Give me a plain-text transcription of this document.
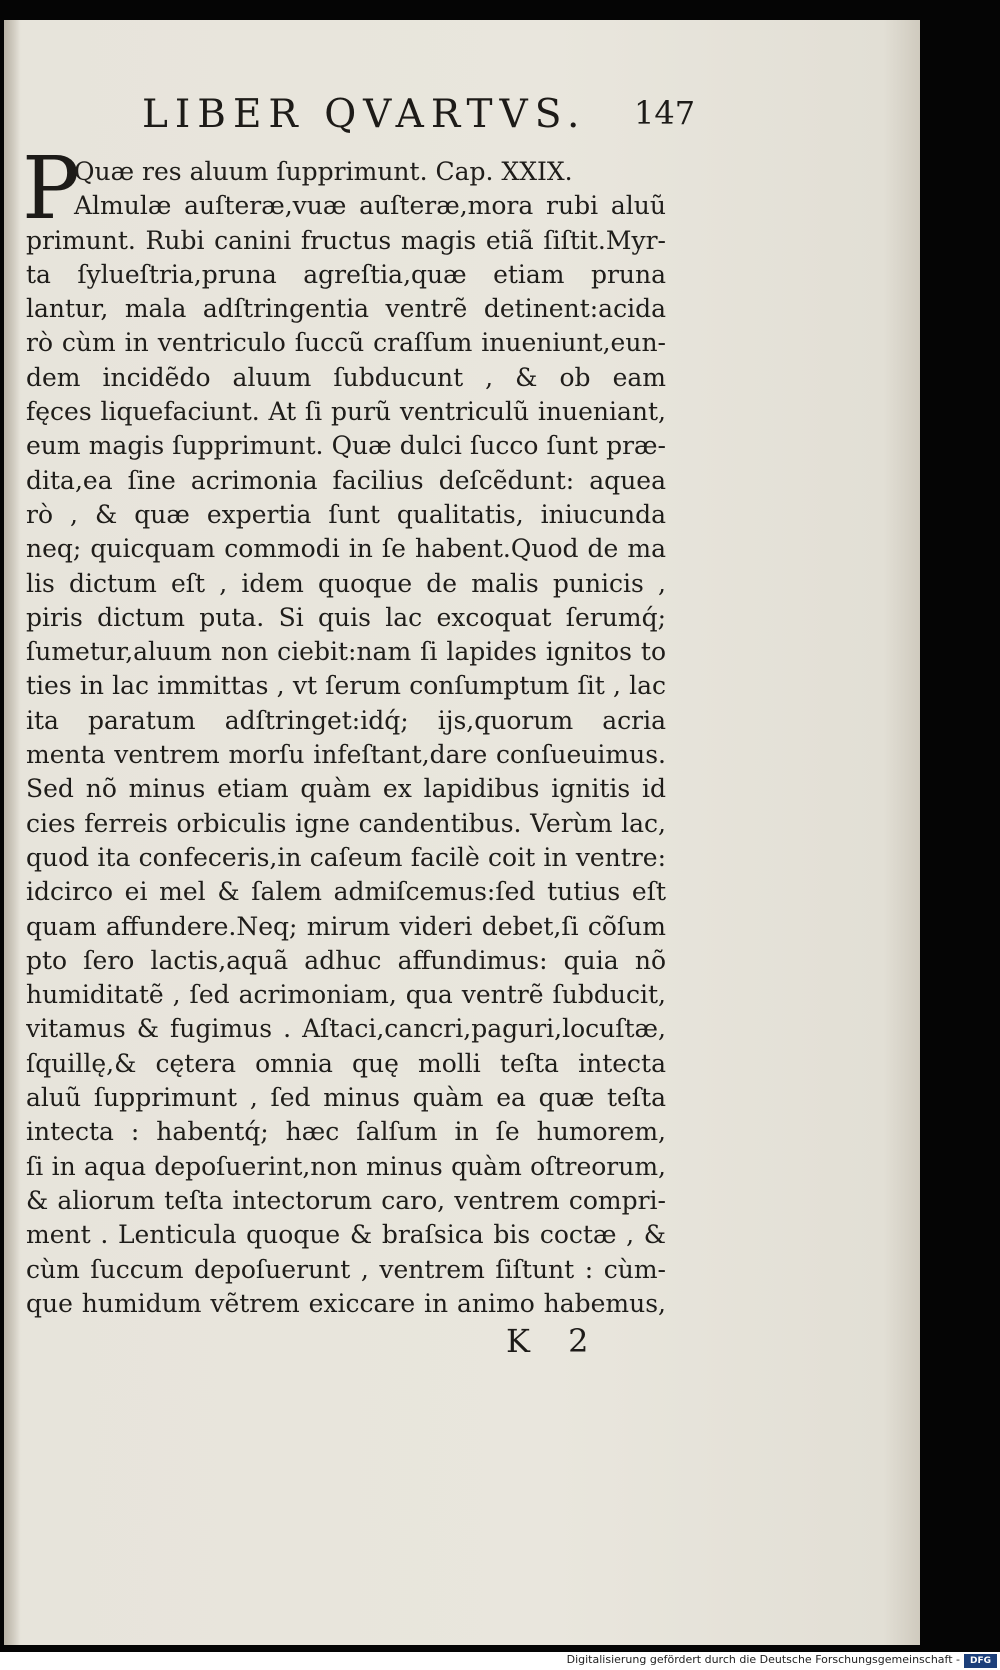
LIBER QVARTVS. 147
P
Quæ res aluum ſupprimunt. Cap. XXIX.
Almulæ auſteræ,vuæ auſteræ,mora rubi aluũ
primunt. Rubi canini fructus magis etiã ſiſtit.Myr-
ta ſylueſtria,pruna agreſtia,quæ etiam pruna
lantur, mala adſtringentia ventrẽ detinent:acida
rò cùm in ventriculo ſuccũ craſſum inueniunt,eun-
dem incidẽdo aluum ſubducunt , & ob eam
fęces liquefaciunt. At ſi purũ ventriculũ inueniant,
eum magis ſupprimunt. Quæ dulci ſucco ſunt præ-
dita,ea ſine acrimonia facilius deſcẽdunt: aquea
rò , & quæ expertia ſunt qualitatis, iniucunda
neq; quicquam commodi in ſe habent.Quod de ma
lis dictum eſt , idem quoque de malis punicis ,
piris dictum puta. Si quis lac excoquat ſerumq́;
ſumetur,aluum non ciebit:nam ſi lapides ignitos to
ties in lac immittas , vt ſerum conſumptum ſit , lac
ita paratum adſtringet:idq́; ijs,quorum acria
menta ventrem morſu infeſtant,dare conſueuimus.
Sed nõ minus etiam quàm ex lapidibus ignitis id
cies ferreis orbiculis igne candentibus. Verùm lac,
quod ita confeceris,in caſeum facilè coit in ventre:
idcirco ei mel & ſalem admiſcemus:ſed tutius eſt
quam affundere.Neq; mirum videri debet,ſi cõſum
pto ſero lactis,aquã adhuc affundimus: quia nõ
humiditatẽ , ſed acrimoniam, qua ventrẽ ſubducit,
vitamus & fugimus . Aſtaci,cancri,paguri,locuſtæ,
ſquillę,& cętera omnia quę molli teſta intecta
aluũ ſupprimunt , ſed minus quàm ea quæ teſta
intecta : habentq́; hæc ſalſum in ſe humorem,
ſi in aqua depoſuerint,non minus quàm oſtreorum,
& aliorum teſta intectorum caro, ventrem compri-
ment . Lenticula quoque & braſsica bis coctæ , &
cùm ſuccum depoſuerunt , ventrem ſiſtunt : cùm-
que humidum vẽtrem exiccare in animo habemus,
K 2
Digitalisierung gefördert durch die Deutsche Forschungsgemeinschaft -	DFG
